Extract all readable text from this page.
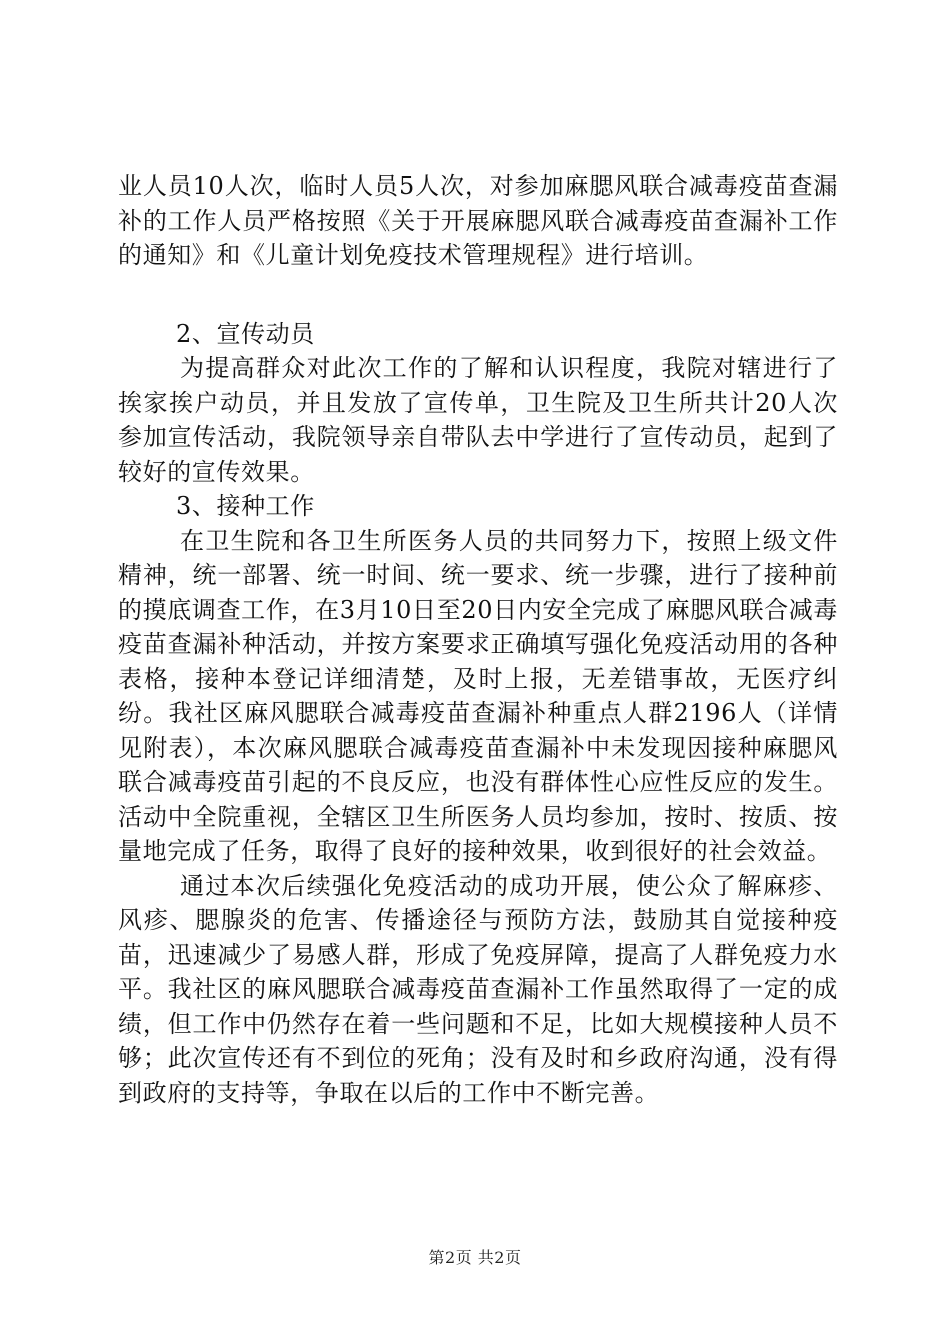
业人员10人次，临时人员5人次，对参加麻腮风联合减毒疫苗查漏补的工作人员严格按照《关于开展麻腮风联合减毒疫苗查漏补工作的通知》和《儿童计划免疫技术管理规程》进行培训。

2、宣传动员

为提高群众对此次工作的了解和认识程度，我院对辖进行了挨家挨户动员，并且发放了宣传单，卫生院及卫生所共计20人次参加宣传活动，我院领导亲自带队去中学进行了宣传动员，起到了较好的宣传效果。

3、接种工作

在卫生院和各卫生所医务人员的共同努力下，按照上级文件精神，统一部署、统一时间、统一要求、统一步骤，进行了接种前的摸底调查工作，在3月10日至20日内安全完成了麻腮风联合减毒疫苗查漏补种活动，并按方案要求正确填写强化免疫活动用的各种表格，接种本登记详细清楚，及时上报，无差错事故，无医疗纠纷。我社区麻风腮联合减毒疫苗查漏补种重点人群2196人（详情见附表），本次麻风腮联合减毒疫苗查漏补中未发现因接种麻腮风联合减毒疫苗引起的不良反应，也没有群体性心应性反应的发生。活动中全院重视，全辖区卫生所医务人员均参加，按时、按质、按量地完成了任务，取得了良好的接种效果，收到很好的社会效益。

通过本次后续强化免疫活动的成功开展，使公众了解麻疹、风疹、腮腺炎的危害、传播途径与预防方法，鼓励其自觉接种疫苗，迅速减少了易感人群，形成了免疫屏障，提高了人群免疫力水平。我社区的麻风腮联合减毒疫苗查漏补工作虽然取得了一定的成绩，但工作中仍然存在着一些问题和不足，比如大规模接种人员不够；此次宣传还有不到位的死角；没有及时和乡政府沟通，没有得到政府的支持等，争取在以后的工作中不断完善。

第2页 共2页
